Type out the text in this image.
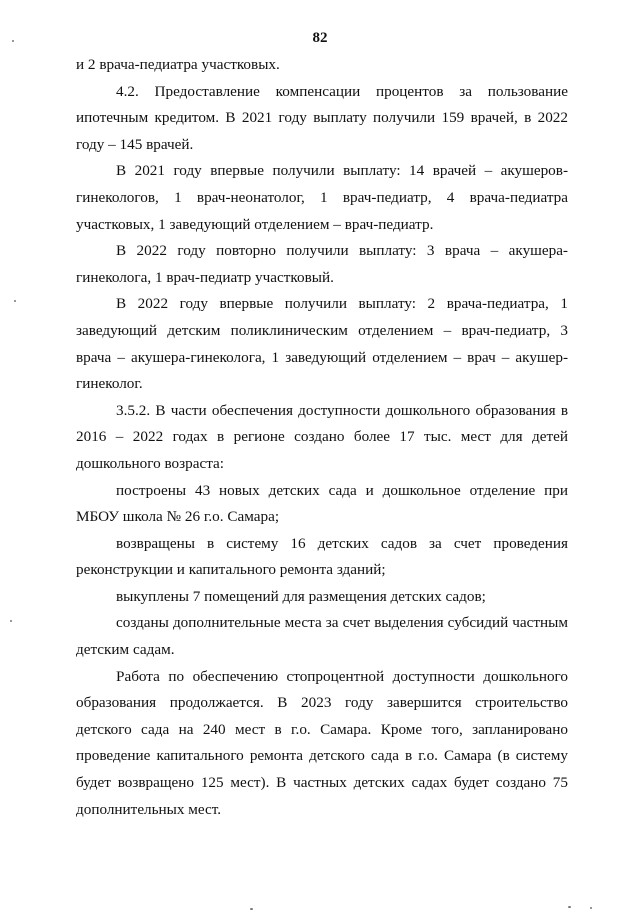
82

и 2 врача-педиатра участковых.

4.2. Предоставление компенсации процентов за пользование ипотечным кредитом. В 2021 году выплату получили 159 врачей, в 2022 году – 145 врачей.

В 2021 году впервые получили выплату: 14 врачей – акушеров-гинекологов, 1 врач-неонатолог, 1 врач-педиатр, 4 врача-педиатра участковых, 1 заведующий отделением – врач-педиатр.

В 2022 году повторно получили выплату: 3 врача – акушера-гинеколога, 1 врач-педиатр участковый.

В 2022 году впервые получили выплату: 2 врача-педиатра, 1 заведующий детским поликлиническим отделением – врач-педиатр, 3 врача – акушера-гинеколога, 1 заведующий отделением – врач – акушер-гинеколог.

3.5.2. В части обеспечения доступности дошкольного образования в 2016 – 2022 годах в регионе создано более 17 тыс. мест для детей дошкольного возраста:

построены 43 новых детских сада и дошкольное отделение при МБОУ школа № 26 г.о. Самара;

возвращены в систему 16 детских садов за счет проведения реконструкции и капитального ремонта зданий;

выкуплены 7 помещений для размещения детских садов;

созданы дополнительные места за счет выделения субсидий частным детским садам.

Работа по обеспечению стопроцентной доступности дошкольного образования продолжается. В 2023 году завершится строительство детского сада на 240 мест в г.о. Самара. Кроме того, запланировано проведение капитального ремонта детского сада в г.о. Самара (в систему будет возвращено 125 мест). В частных детских садах будет создано 75 дополнительных мест.
